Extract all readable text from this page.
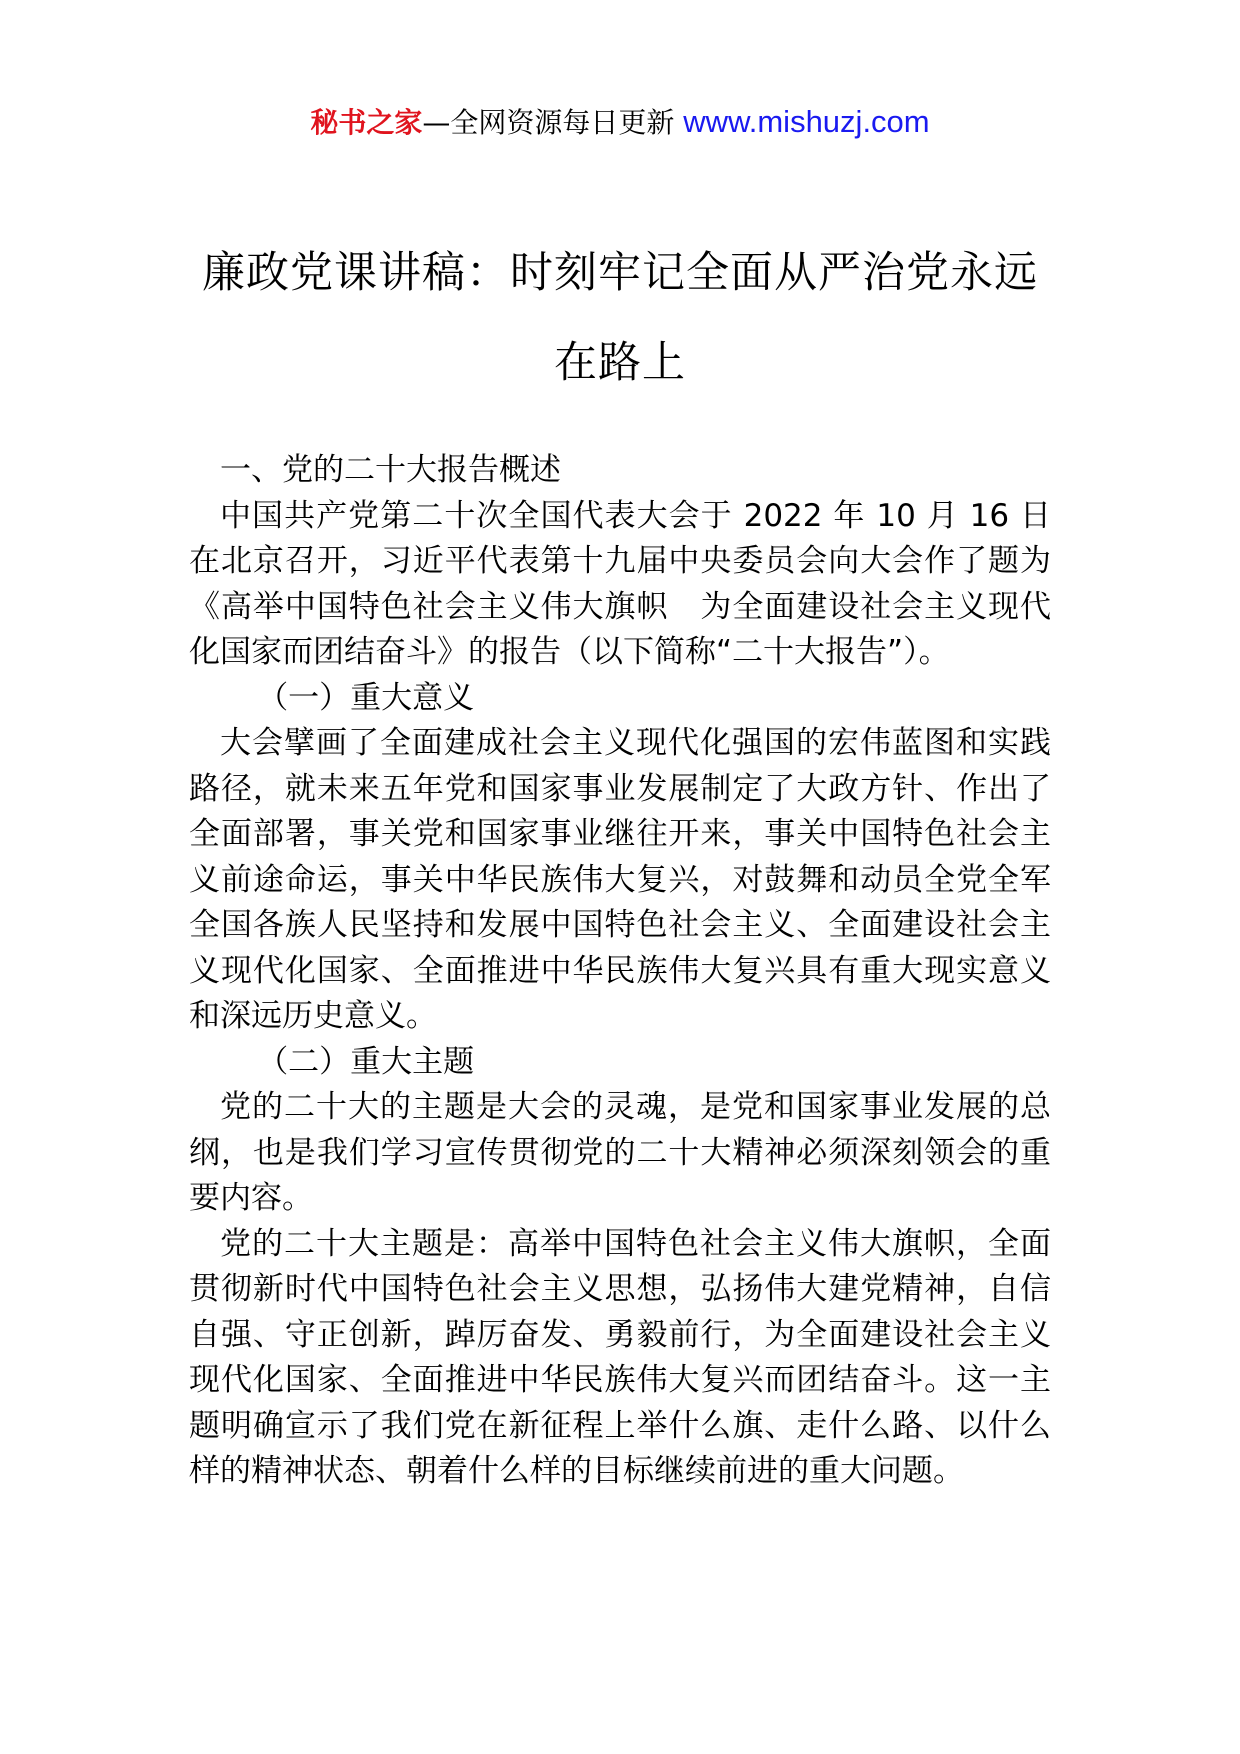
秘书之家—全网资源每日更新 www.mishuzj.com
廉政党课讲稿：时刻牢记全面从严治党永远在路上

一、党的二十大报告概述

中国共产党第二十次全国代表大会于 2022 年 10 月 16 日在北京召开，习近平代表第十九届中央委员会向大会作了题为《高举中国特色社会主义伟大旗帜　为全面建设社会主义现代化国家而团结奋斗》的报告（以下简称“二十大报告”）。

（一）重大意义

大会擘画了全面建成社会主义现代化强国的宏伟蓝图和实践路径，就未来五年党和国家事业发展制定了大政方针、作出了全面部署，事关党和国家事业继往开来，事关中国特色社会主义前途命运，事关中华民族伟大复兴，对鼓舞和动员全党全军全国各族人民坚持和发展中国特色社会主义、全面建设社会主义现代化国家、全面推进中华民族伟大复兴具有重大现实意义和深远历史意义。

（二）重大主题

党的二十大的主题是大会的灵魂，是党和国家事业发展的总纲，也是我们学习宣传贯彻党的二十大精神必须深刻领会的重要内容。

党的二十大主题是：高举中国特色社会主义伟大旗帜，全面贯彻新时代中国特色社会主义思想，弘扬伟大建党精神，自信自强、守正创新，踔厉奋发、勇毅前行，为全面建设社会主义现代化国家、全面推进中华民族伟大复兴而团结奋斗。这一主题明确宣示了我们党在新征程上举什么旗、走什么路、以什么样的精神状态、朝着什么样的目标继续前进的重大问题。
